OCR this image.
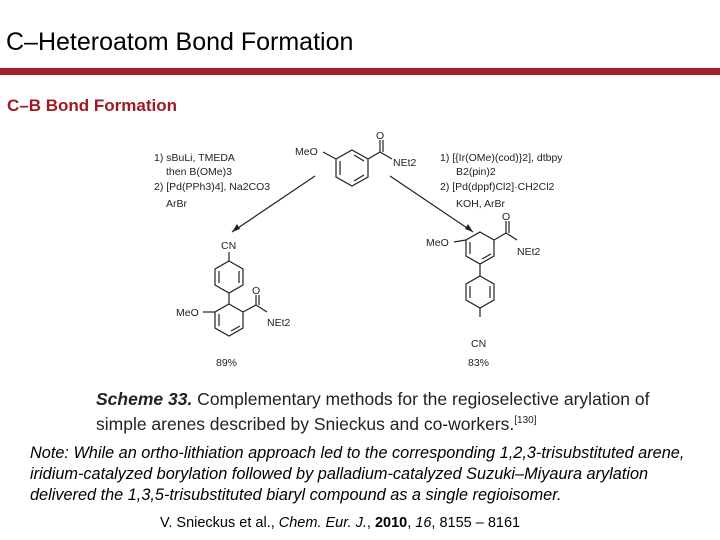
C–Heteroatom Bond Formation
C–B Bond Formation
MeO
O
NEt2
1) sBuLi, TMEDA
then B(OMe)3
2) [Pd(PPh3)4], Na2CO3
ArBr
1) [{Ir(OMe)(cod)}2], dtbpy
B2(pin)2
2) [Pd(dppf)Cl2]·CH2Cl2
KOH, ArBr
CN
MeO
O
NEt2
89%
MeO
O
NEt2
CN
83%
Scheme 33. Complementary methods for the regioselective arylation of simple arenes described by Snieckus and co-workers.[130]
Note: While an ortho-lithiation approach led to the corresponding 1,2,3-trisubstituted arene, iridium-catalyzed borylation followed by palladium-catalyzed Suzuki–Miyaura arylation delivered the 1,3,5-trisubstituted biaryl compound as a single regioisomer.
V. Snieckus et al., Chem. Eur. J., 2010, 16, 8155 – 8161
